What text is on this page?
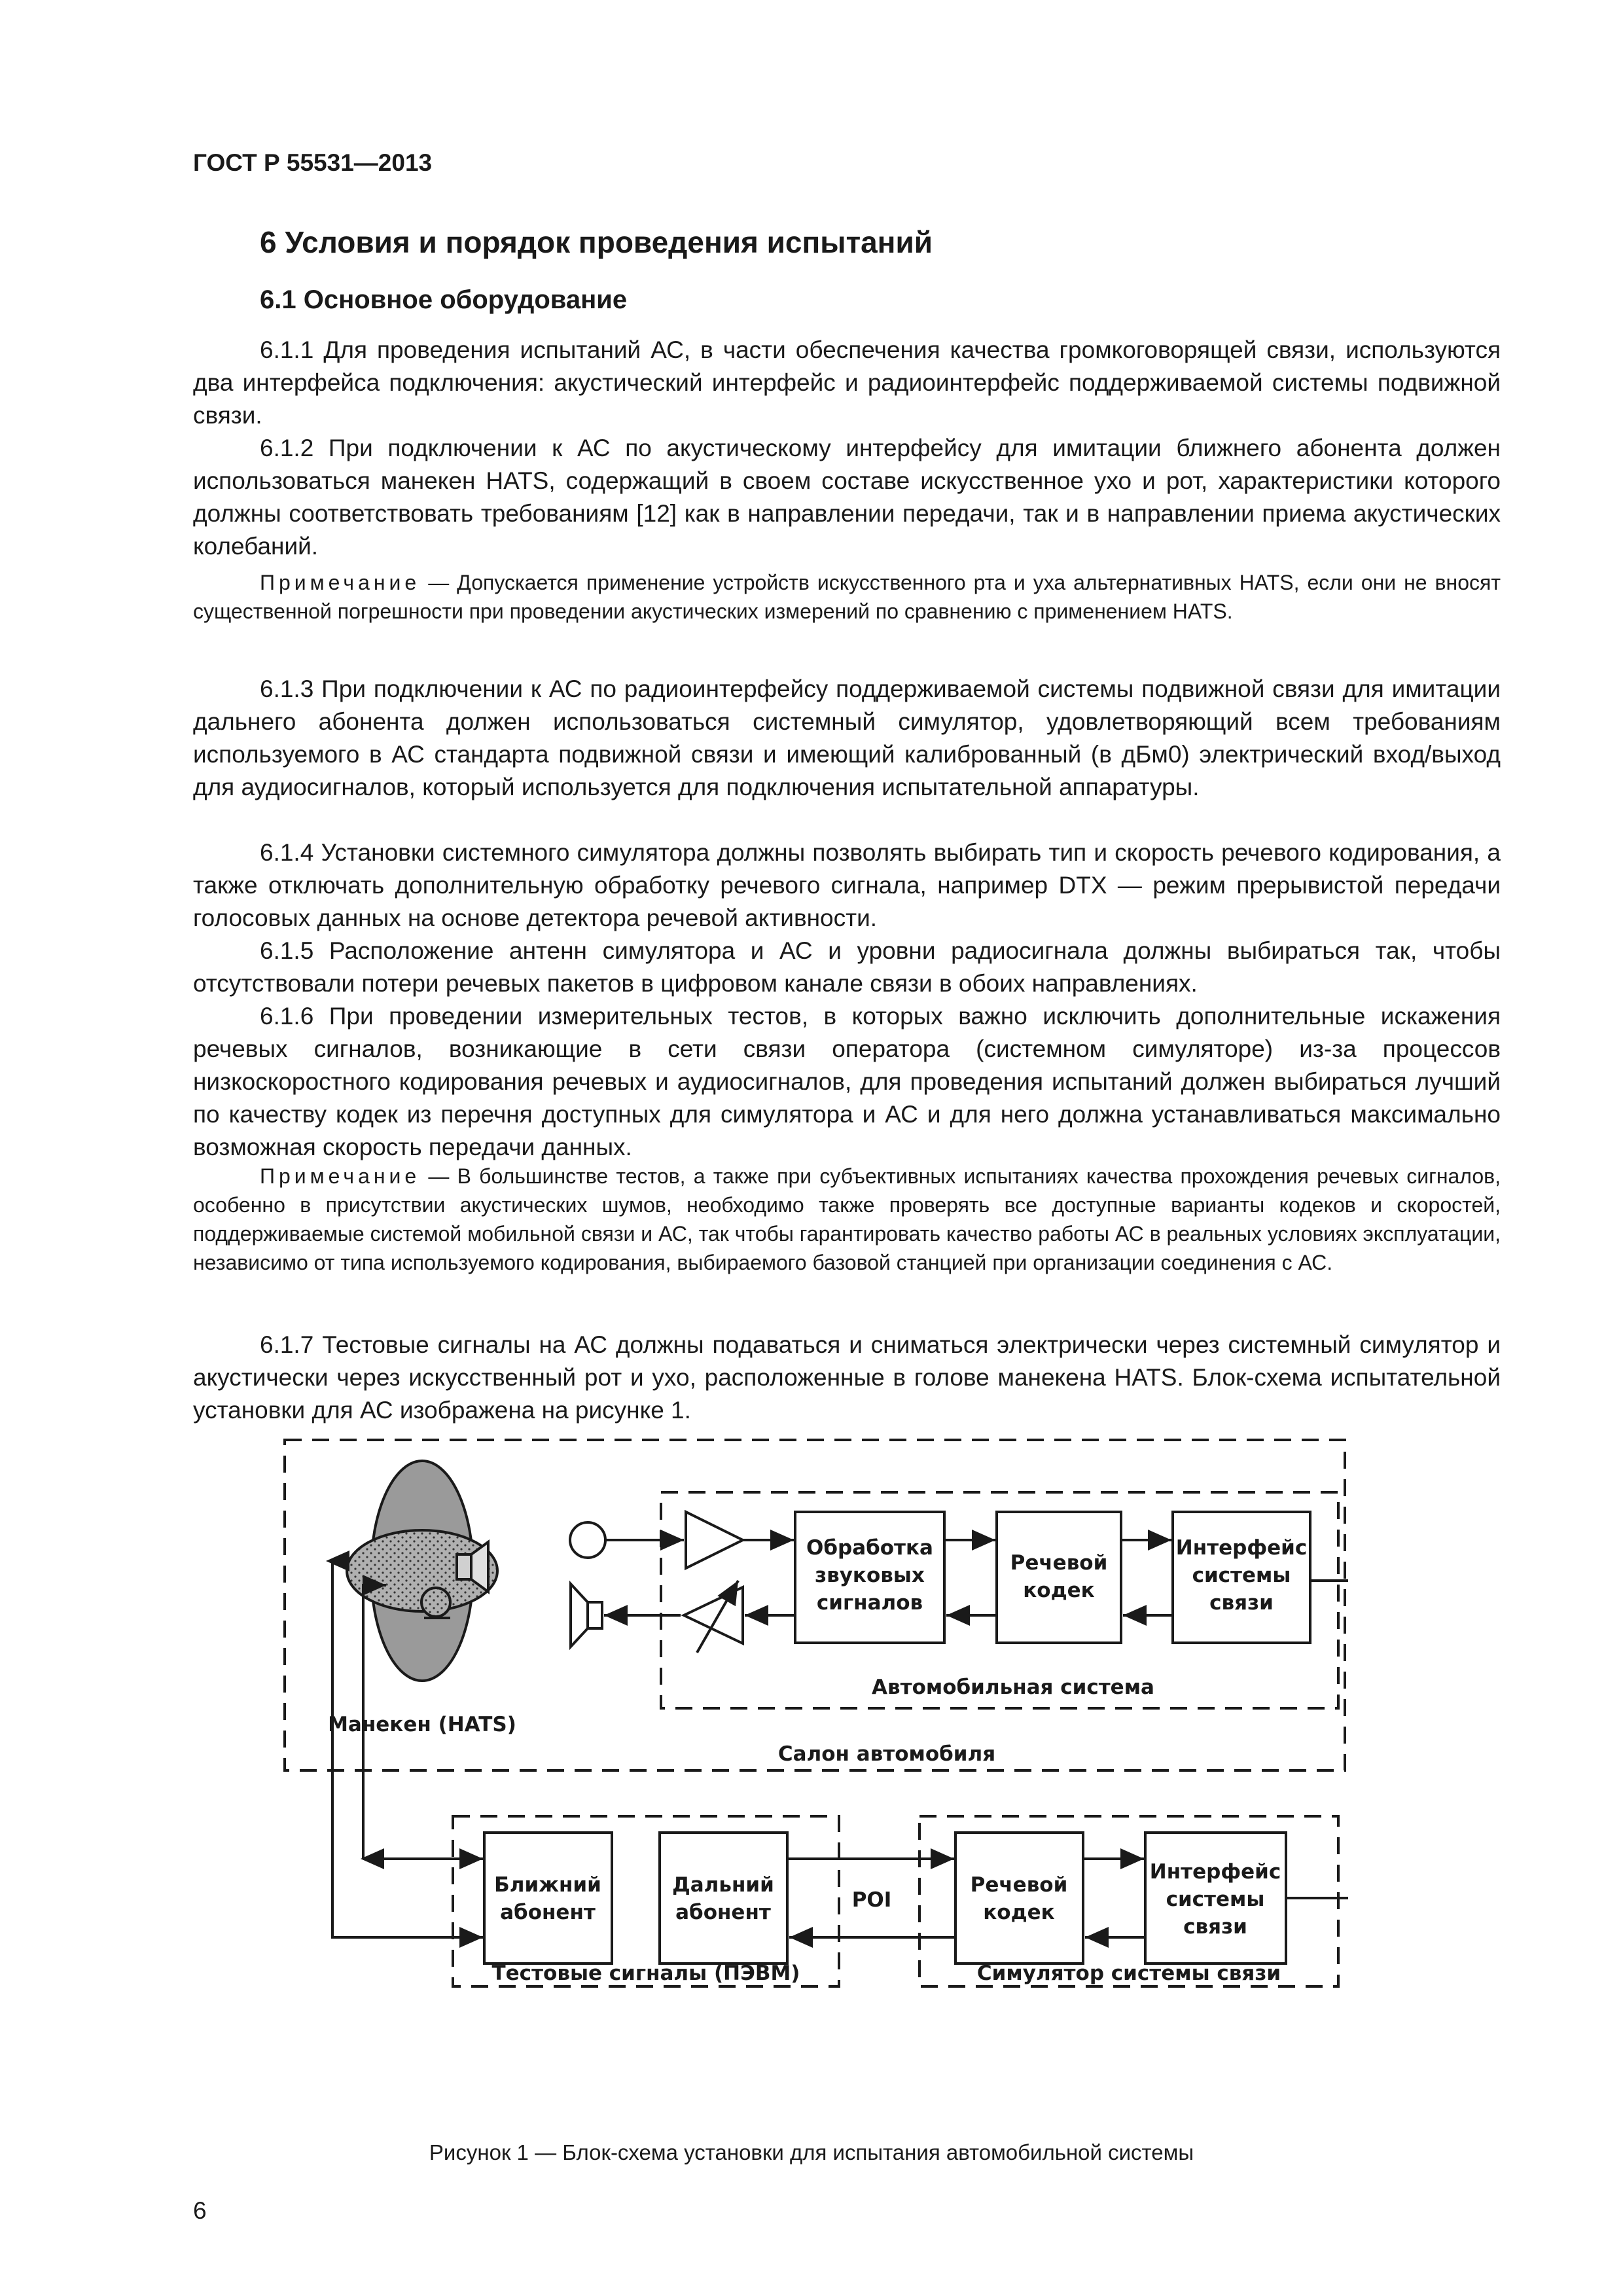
ГОСТ Р 55531—2013
6 Условия и порядок проведения испытаний
6.1 Основное оборудование

6.1.1 Для проведения испытаний АС, в части обеспечения качества громкоговорящей связи, используются два интерфейса подключения: акустический интерфейс и радиоинтерфейс поддерживаемой системы подвижной связи.

6.1.2 При подключении к АС по акустическому интерфейсу для имитации ближнего абонента должен использоваться манекен HATS, содержащий в своем составе искусственное ухо и рот, характеристики которого должны соответствовать требованиям [12] как в направлении передачи, так и в направлении приема акустических колебаний.

Примечание — Допускается применение устройств искусственного рта и уха альтернативных HATS, если они не вносят существенной погрешности при проведении акустических измерений по сравнению с применением HATS.

6.1.3 При подключении к АС по радиоинтерфейсу поддерживаемой системы подвижной связи для имитации дальнего абонента должен использоваться системный симулятор, удовлетворяющий всем требованиям используемого в АС стандарта подвижной связи и имеющий калиброванный (в дБм0) электрический вход/выход для аудиосигналов, который используется для подключения испытательной аппаратуры.

6.1.4 Установки системного симулятора должны позволять выбирать тип и скорость речевого кодирования, а также отключать дополнительную обработку речевого сигнала, например DTX — режим прерывистой передачи голосовых данных на основе детектора речевой активности.

6.1.5 Расположение антенн симулятора и АС и уровни радиосигнала должны выбираться так, чтобы отсутствовали потери речевых пакетов в цифровом канале связи в обоих направлениях.

6.1.6 При проведении измерительных тестов, в которых важно исключить дополнительные искажения речевых сигналов, возникающие в сети связи оператора (системном симуляторе) из-за процессов низкоскоростного кодирования речевых и аудиосигналов, для проведения испытаний должен выбираться лучший по качеству кодек из перечня доступных для симулятора и АС и для него должна устанавливаться максимально возможная скорость передачи данных.

Примечание — В большинстве тестов, а также при субъективных испытаниях качества прохождения речевых сигналов, особенно в присутствии акустических шумов, необходимо также проверять все доступные варианты кодеков и скоростей, поддерживаемые системой мобильной связи и АС, так чтобы гарантировать качество работы АС в реальных условиях эксплуатации, независимо от типа используемого кодирования, выбираемого базовой станцией при организации соединения с АС.

6.1.7 Тестовые сигналы на АС должны подаваться и сниматься электрически через системный симулятор и акустически через искусственный рот и ухо, расположенные в голове манекена HATS. Блок-схема испытательной установки для АС изображена на рисунке 1.

Обработка
звуковых
сигналов
Речевой
кодек
Интерфейс
системы
связи
Автомобильная система
Манекен (HATS)
Салон автомобиля
Ближний
абонент
Дальний
абонент
POI
Речевой
кодек
Интерфейс
системы
связи
Тестовые сигналы (ПЭВМ)	Симулятор системы связи
Рисунок 1 — Блок-схема установки для испытания автомобильной системы
6
